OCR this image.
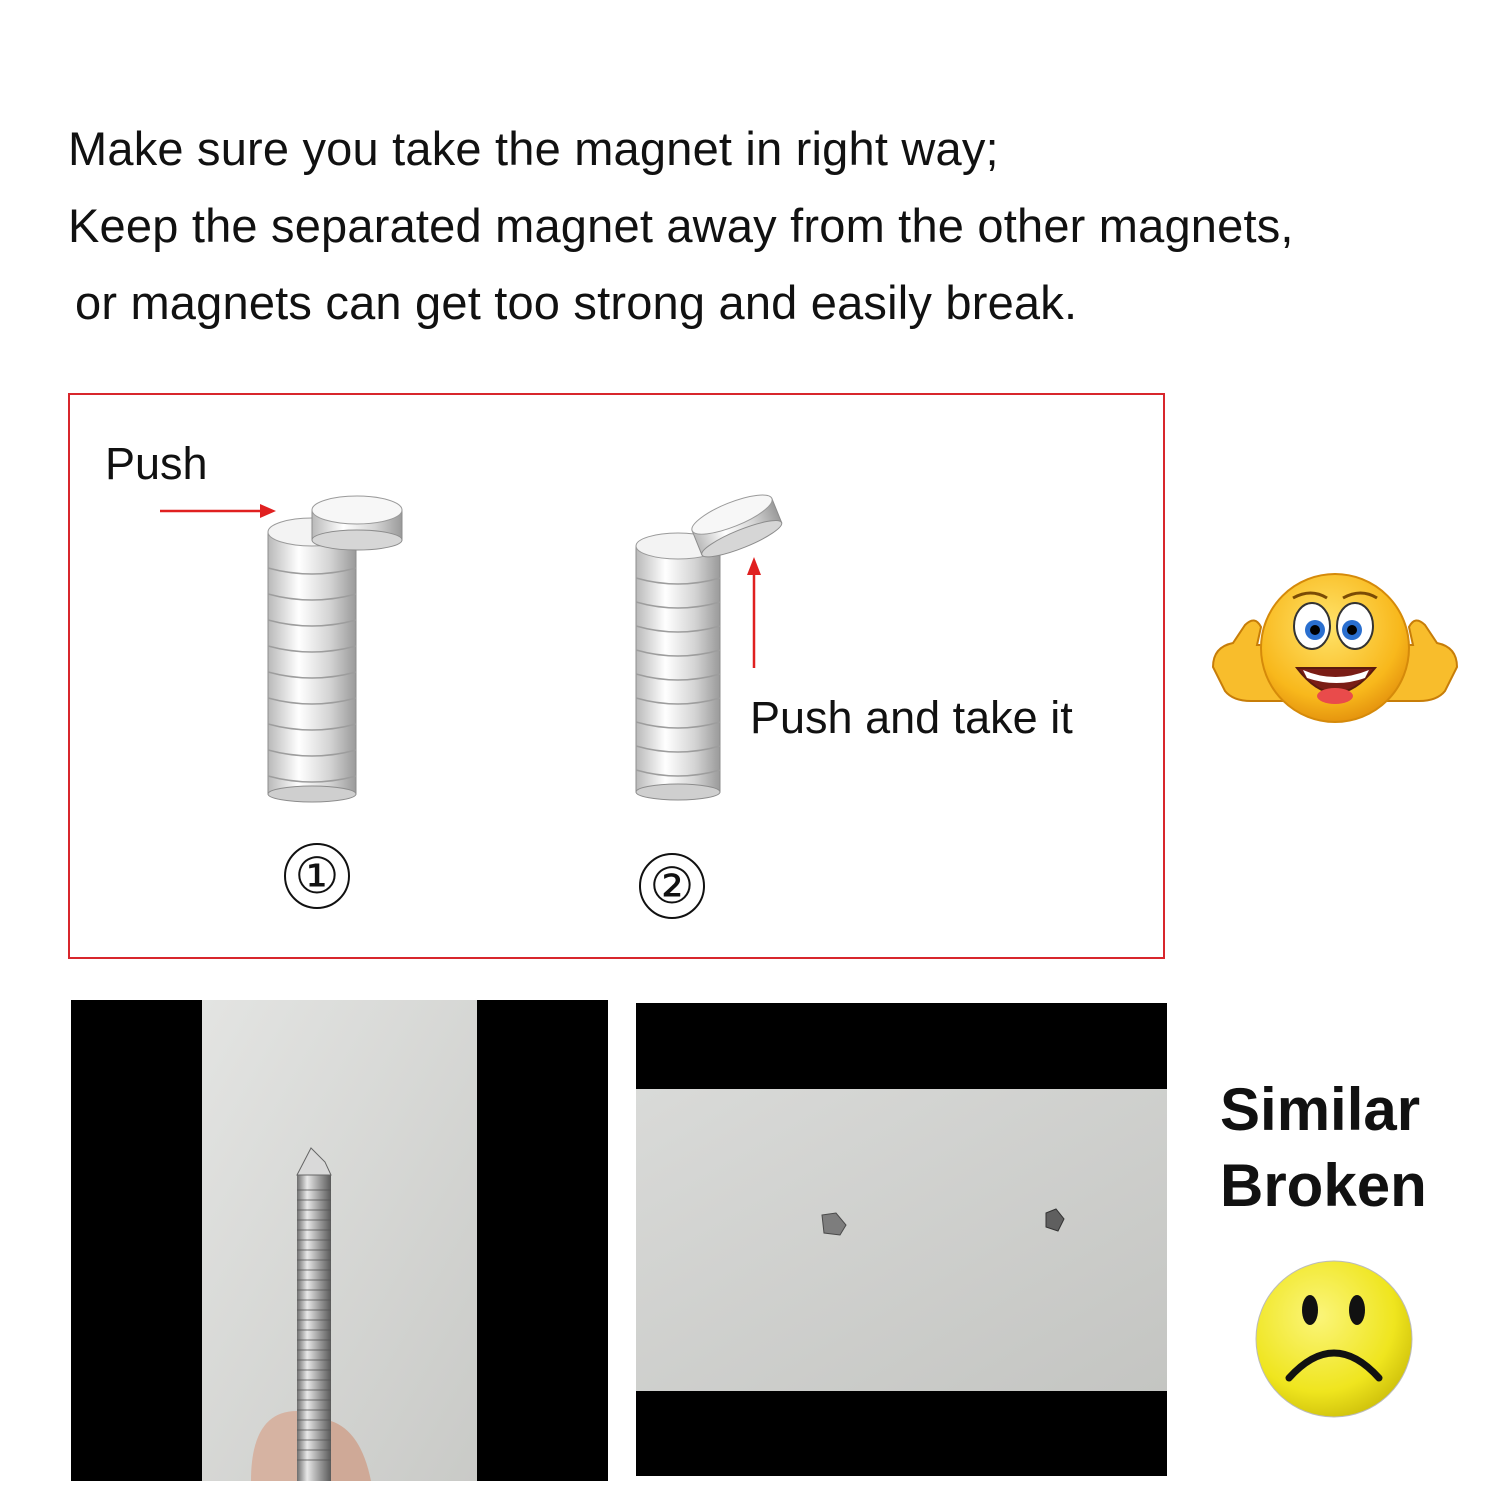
Make sure you take the magnet in right way;
Keep the separated magnet away from the other magnets,
or magnets can get too strong and easily break.
Push
Push and take it
①	②
Similar
Broken
